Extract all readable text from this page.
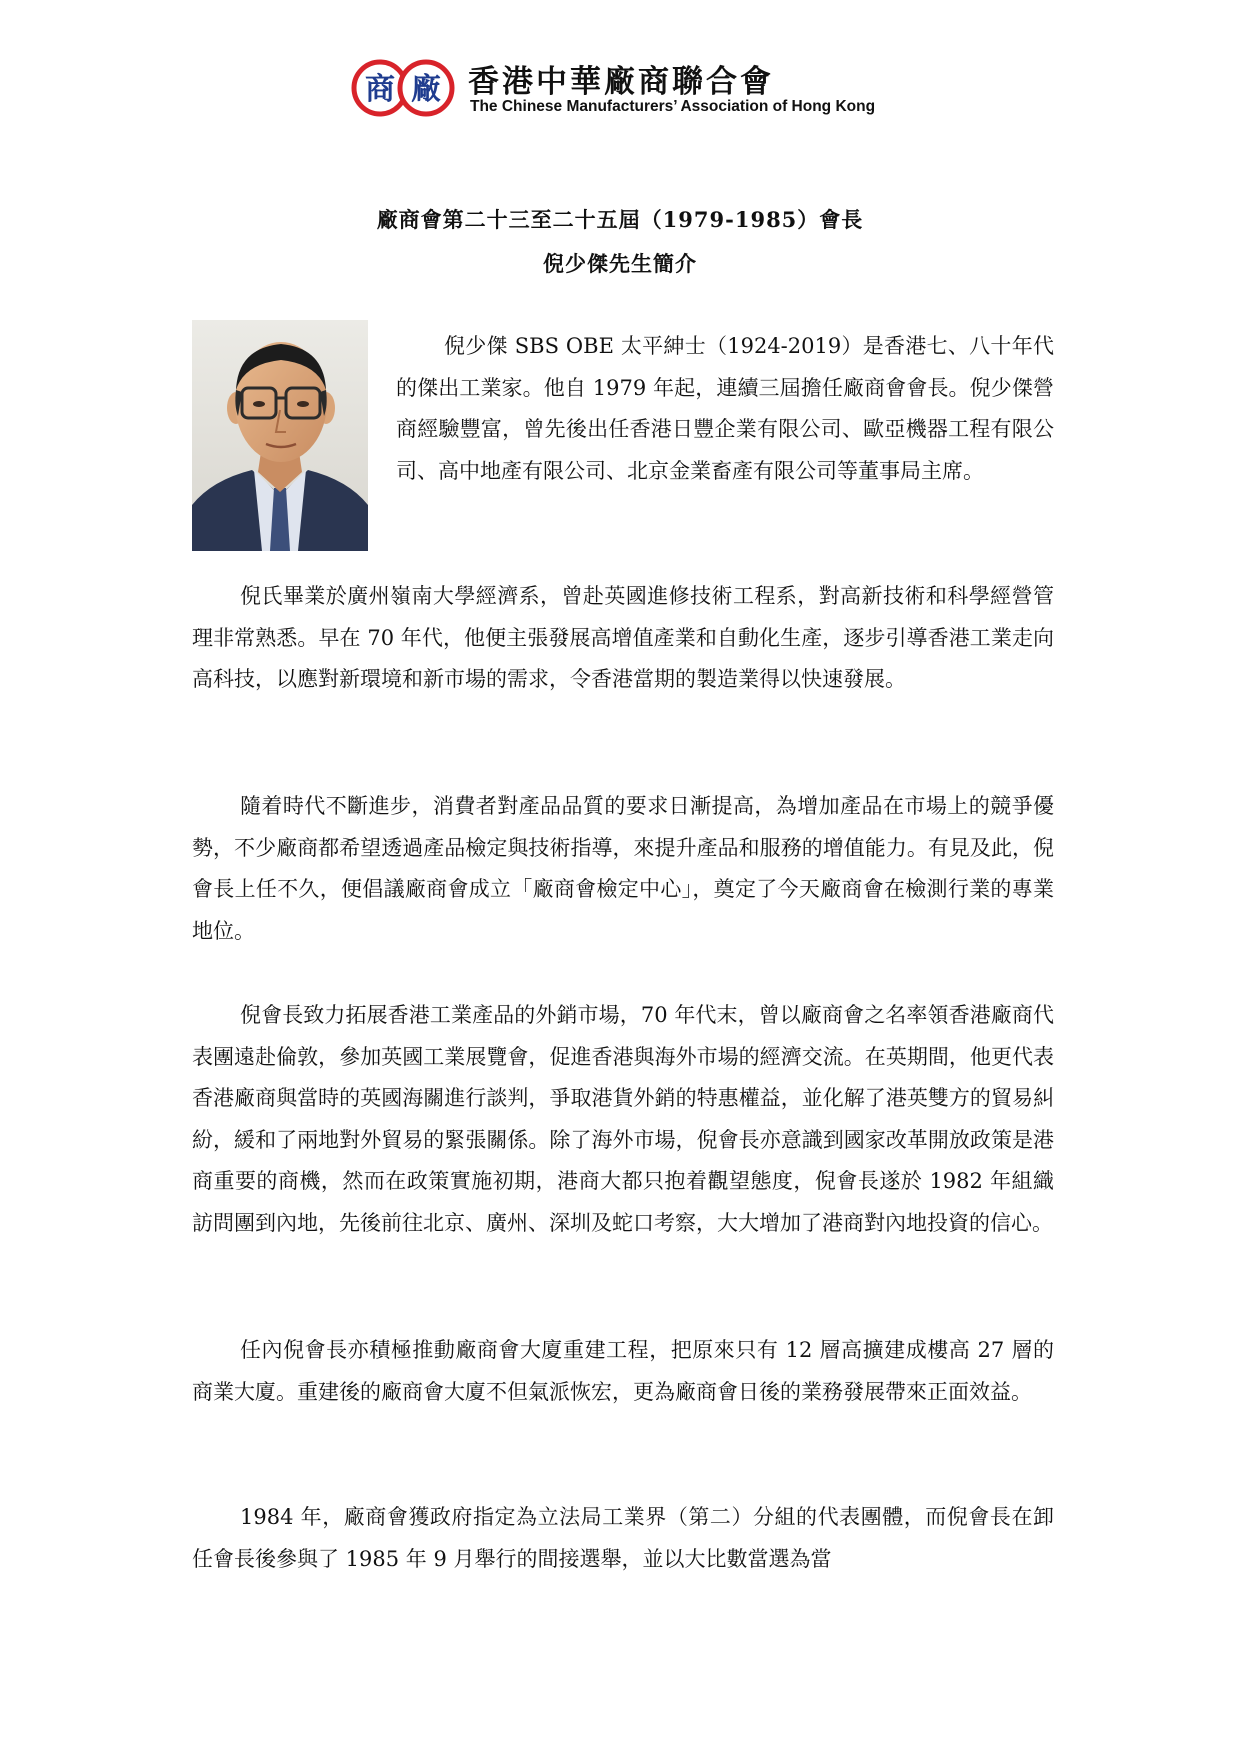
商 廠 香港中華廠商聯合會
The Chinese Manufacturers’ Association of Hong Kong
廠商會第二十三至二十五屆（1979-1985）會長
倪少傑先生簡介

倪少傑 SBS OBE 太平紳士（1924-2019）是香港七、八十年代的傑出工業家。他自 1979 年起，連續三屆擔任廠商會會長。倪少傑營商經驗豐富，曾先後出任香港日豐企業有限公司、歐亞機器工程有限公司、高中地產有限公司、北京金業畜產有限公司等董事局主席。

倪氏畢業於廣州嶺南大學經濟系，曾赴英國進修技術工程系，對高新技術和科學經營管理非常熟悉。早在 70 年代，他便主張發展高增值產業和自動化生產，逐步引導香港工業走向高科技，以應對新環境和新市場的需求，令香港當期的製造業得以快速發展。

隨着時代不斷進步，消費者對產品品質的要求日漸提高，為增加產品在市場上的競爭優勢，不少廠商都希望透過產品檢定與技術指導，來提升產品和服務的增值能力。有見及此，倪會長上任不久，便倡議廠商會成立「廠商會檢定中心」，奠定了今天廠商會在檢測行業的專業地位。

倪會長致力拓展香港工業產品的外銷市場，70 年代末，曾以廠商會之名率領香港廠商代表團遠赴倫敦，參加英國工業展覽會，促進香港與海外市場的經濟交流。在英期間，他更代表香港廠商與當時的英國海關進行談判，爭取港貨外銷的特惠權益，並化解了港英雙方的貿易糾紛，緩和了兩地對外貿易的緊張關係。除了海外市場，倪會長亦意識到國家改革開放政策是港商重要的商機，然而在政策實施初期，港商大都只抱着觀望態度，倪會長遂於 1982 年組織訪問團到內地，先後前往北京、廣州、深圳及蛇口考察，大大增加了港商對內地投資的信心。

任內倪會長亦積極推動廠商會大廈重建工程，把原來只有 12 層高擴建成樓高 27 層的商業大廈。重建後的廠商會大廈不但氣派恢宏，更為廠商會日後的業務發展帶來正面效益。

1984 年，廠商會獲政府指定為立法局工業界（第二）分組的代表團體，而倪會長在卸任會長後參與了 1985 年 9 月舉行的間接選舉，並以大比數當選為當
